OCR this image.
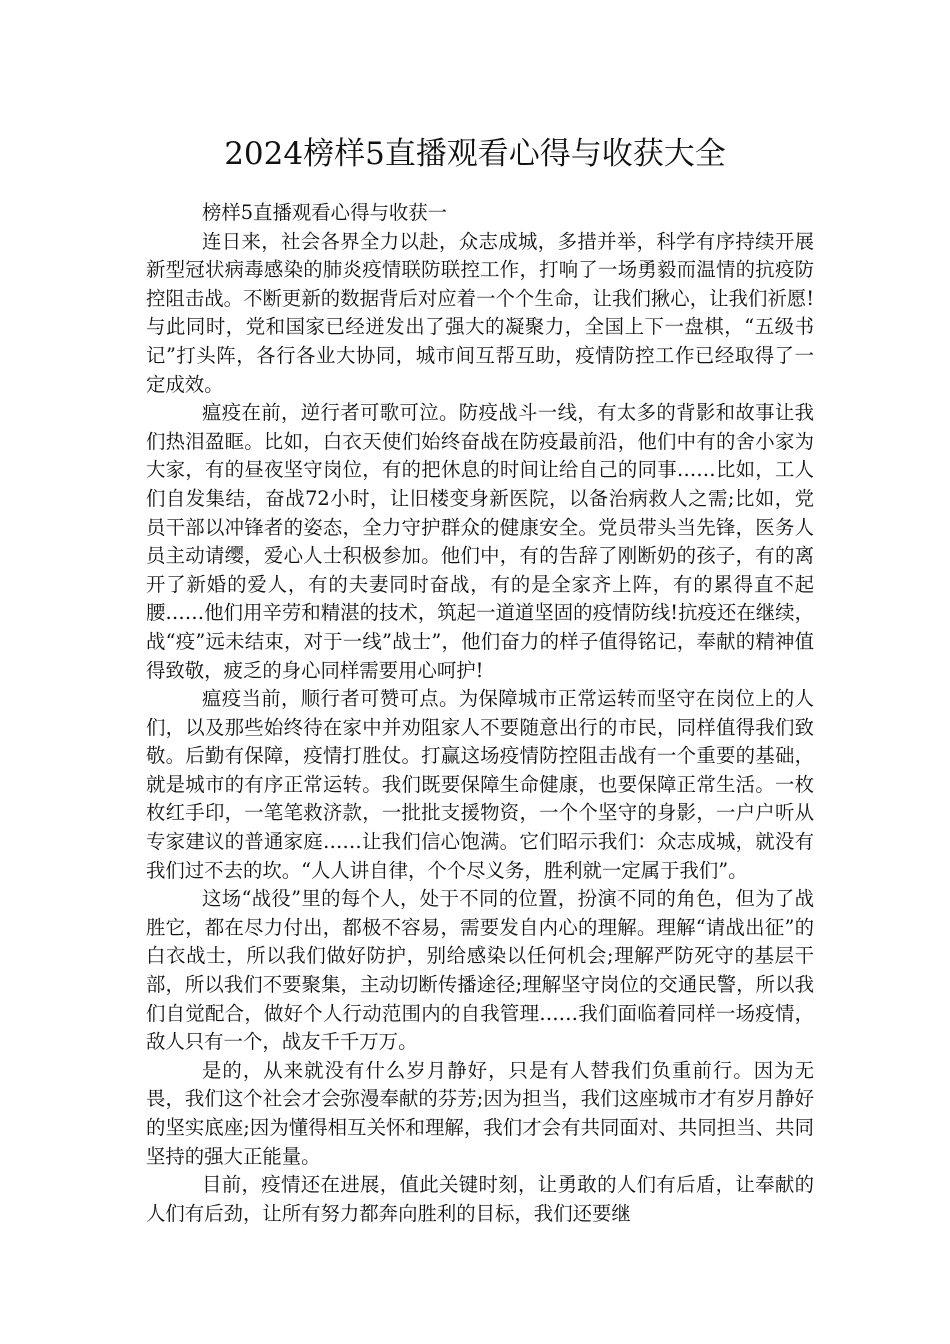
2024榜样5直播观看心得与收获大全

榜样5直播观看心得与收获一

连日来，社会各界全力以赴，众志成城，多措并举，科学有序持续开展新型冠状病毒感染的肺炎疫情联防联控工作，打响了一场勇毅而温情的抗疫防控阻击战。不断更新的数据背后对应着一个个生命，让我们揪心，让我们祈愿!与此同时，党和国家已经迸发出了强大的凝聚力，全国上下一盘棋，“五级书记”打头阵，各行各业大协同，城市间互帮互助，疫情防控工作已经取得了一定成效。

瘟疫在前，逆行者可歌可泣。防疫战斗一线，有太多的背影和故事让我们热泪盈眶。比如，白衣天使们始终奋战在防疫最前沿，他们中有的舍小家为大家，有的昼夜坚守岗位，有的把休息的时间让给自己的同事……比如，工人们自发集结，奋战72小时，让旧楼变身新医院，以备治病救人之需;比如，党员干部以冲锋者的姿态，全力守护群众的健康安全。党员带头当先锋，医务人员主动请缨，爱心人士积极参加。他们中，有的告辞了刚断奶的孩子，有的离开了新婚的爱人，有的夫妻同时奋战，有的是全家齐上阵，有的累得直不起腰……他们用辛劳和精湛的技术，筑起一道道坚固的疫情防线!抗疫还在继续，战“疫”远未结束，对于一线”战士”，他们奋力的样子值得铭记，奉献的精神值得致敬，疲乏的身心同样需要用心呵护!

瘟疫当前，顺行者可赞可点。为保障城市正常运转而坚守在岗位上的人们，以及那些始终待在家中并劝阻家人不要随意出行的市民，同样值得我们致敬。后勤有保障，疫情打胜仗。打赢这场疫情防控阻击战有一个重要的基础，就是城市的有序正常运转。我们既要保障生命健康，也要保障正常生活。一枚枚红手印，一笔笔救济款，一批批支援物资，一个个坚守的身影，一户户听从专家建议的普通家庭……让我们信心饱满。它们昭示我们：众志成城，就没有我们过不去的坎。“人人讲自律，个个尽义务，胜利就一定属于我们”。

这场“战役”里的每个人，处于不同的位置，扮演不同的角色，但为了战胜它，都在尽力付出，都极不容易，需要发自内心的理解。理解“请战出征”的白衣战士，所以我们做好防护，别给感染以任何机会;理解严防死守的基层干部，所以我们不要聚集，主动切断传播途径;理解坚守岗位的交通民警，所以我们自觉配合，做好个人行动范围内的自我管理……我们面临着同样一场疫情，敌人只有一个，战友千千万万。

是的，从来就没有什么岁月静好，只是有人替我们负重前行。因为无畏，我们这个社会才会弥漫奉献的芬芳;因为担当，我们这座城市才有岁月静好的坚实底座;因为懂得相互关怀和理解，我们才会有共同面对、共同担当、共同坚持的强大正能量。

目前，疫情还在进展，值此关键时刻，让勇敢的人们有后盾，让奉献的人们有后劲，让所有努力都奔向胜利的目标，我们还要继
